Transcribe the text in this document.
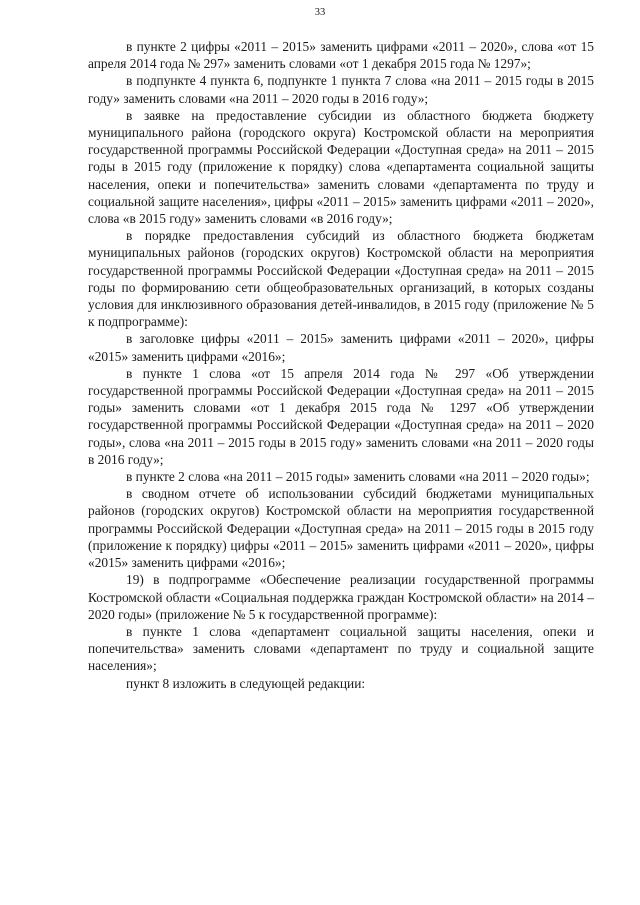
33

в пункте 2 цифры «2011 – 2015» заменить цифрами «2011 – 2020», слова «от 15 апреля 2014 года № 297» заменить словами «от 1 декабря 2015 года № 1297»;

в подпункте 4 пункта 6, подпункте 1 пункта 7 слова «на 2011 – 2015 годы в 2015 году» заменить словами «на 2011 – 2020 годы в 2016 году»;

в заявке на предоставление субсидии из областного бюджета бюджету муниципального района (городского округа) Костромской области на мероприятия государственной программы Российской Федерации «Доступная среда» на 2011 – 2015 годы в 2015 году (приложение к порядку) слова «департамента социальной защиты населения, опеки и попечительства» заменить словами «департамента по труду и социальной защите населения», цифры «2011 – 2015» заменить цифрами «2011 – 2020», слова «в 2015 году» заменить словами «в 2016 году»;

в порядке предоставления субсидий из областного бюджета бюджетам муниципальных районов (городских округов) Костромской области на мероприятия государственной программы Российской Федерации «Доступная среда» на 2011 – 2015 годы по формированию сети общеобразовательных организаций, в которых созданы условия для инклюзивного образования детей-инвалидов, в 2015 году (приложение № 5 к подпрограмме):

в заголовке цифры «2011 – 2015» заменить цифрами «2011 – 2020», цифры «2015» заменить цифрами «2016»;

в пункте 1 слова «от 15 апреля 2014 года № 297 «Об утверждении государственной программы Российской Федерации «Доступная среда» на 2011 – 2015 годы» заменить словами «от 1 декабря 2015 года № 1297 «Об утверждении государственной программы Российской Федерации «Доступная среда» на 2011 – 2020 годы», слова «на 2011 – 2015 годы в 2015 году» заменить словами «на 2011 – 2020 годы в 2016 году»;

в пункте 2 слова «на 2011 – 2015 годы» заменить словами «на 2011 – 2020 годы»;

в сводном отчете об использовании субсидий бюджетами муниципальных районов (городских округов) Костромской области на мероприятия государственной программы Российской Федерации «Доступная среда» на 2011 – 2015 годы в 2015 году (приложение к порядку) цифры «2011 – 2015» заменить цифрами «2011 – 2020», цифры «2015» заменить цифрами «2016»;

19) в подпрограмме «Обеспечение реализации государственной программы Костромской области «Социальная поддержка граждан Костромской области» на 2014 – 2020 годы» (приложение № 5 к государственной программе):

в пункте 1 слова «департамент социальной защиты населения, опеки и попечительства» заменить словами «департамент по труду и социальной защите населения»;

пункт 8 изложить в следующей редакции:
